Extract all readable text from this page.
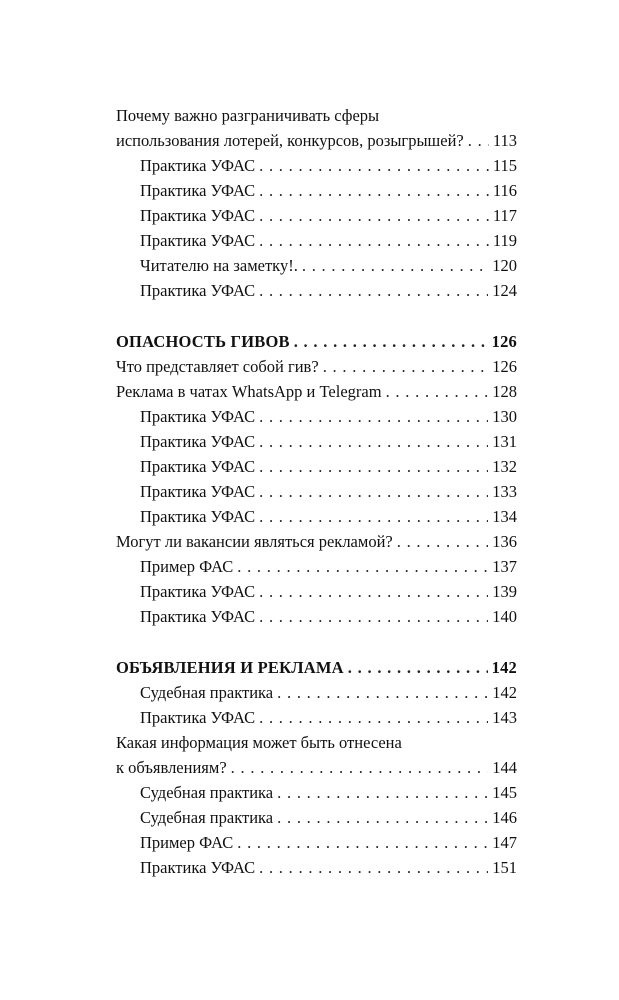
Почему важно разграничивать сферы
использования лотерей, конкурсов, розыгрышей? . . . 113
Практика УФАС . . .	115
Практика УФАС . . .	116
Практика УФАС . . .	117
Практика УФАС . . .	119
Читателю на заметку!. . . .	120
Практика УФАС . . .	124
ОПАСНОСТЬ ГИВОВ . . .	126
Что представляет собой гив? . . .	126
Реклама в чатах WhatsApp и Telegram . . .	128
Практика УФАС . . .	130
Практика УФАС . . .	131
Практика УФАС . . .	132
Практика УФАС . . .	133
Практика УФАС . . .	134
Могут ли вакансии являться рекламой? . . .	136
Пример ФАС . . .	137
Практика УФАС . . .	139
Практика УФАС . . .	140
ОБЪЯВЛЕНИЯ И РЕКЛАМА . . .	142
Судебная практика . . .	142
Практика УФАС . . .	143
Какая информация может быть отнесена
к объявлениям? . . .	144
Судебная практика . . .	145
Судебная практика . . .	146
Пример ФАС . . .	147
Практика УФАС . . .	151
